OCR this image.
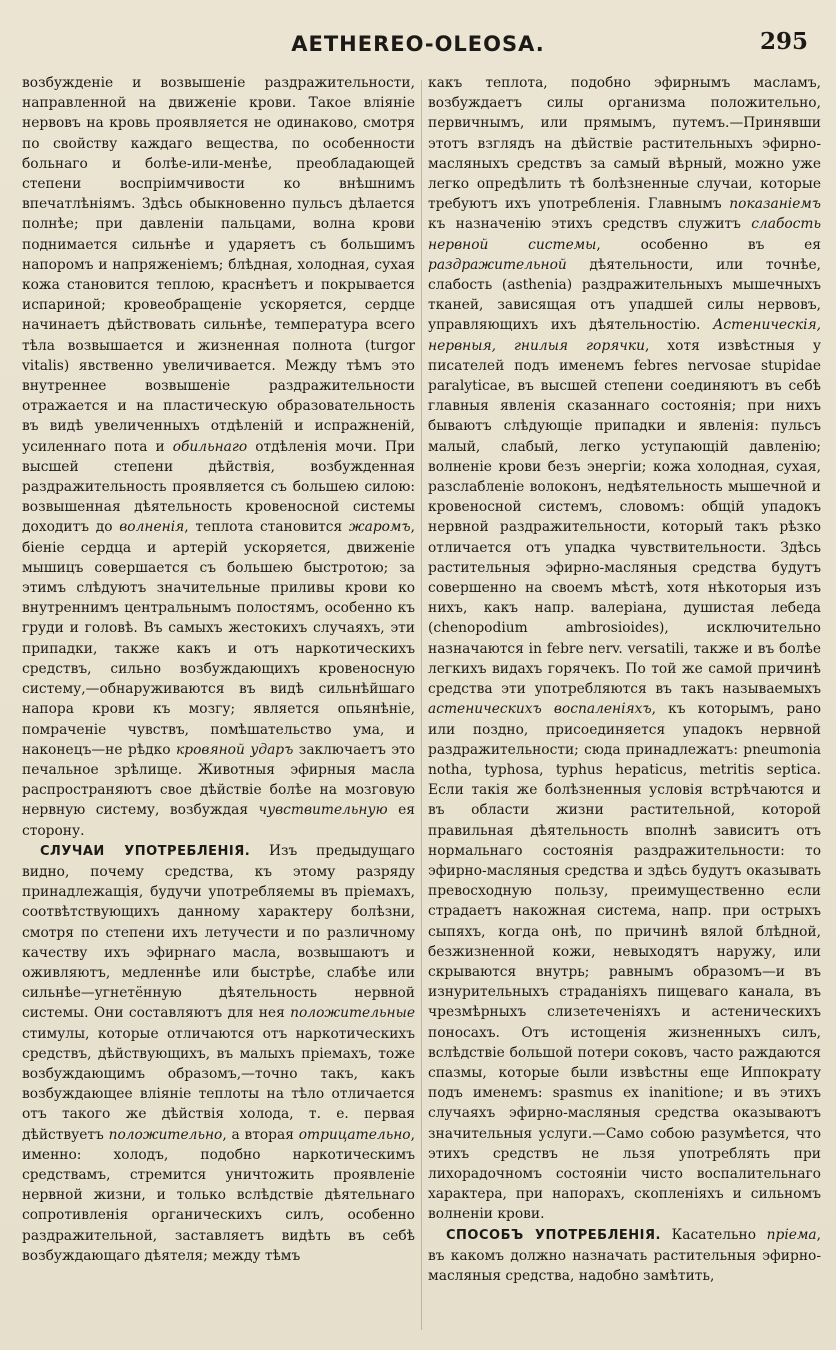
AETHEREO-OLEOSA.	295

возбужденіе и возвышеніе раздражительности, направленной на движеніе крови. Такое вліяніе нервовъ на кровь проявляется не одинаково, смотря по свойству каждаго вещества, по особенности больнаго и болѣе-или-менѣе, преобладающей степени воспріимчивости ко внѣшнимъ впечатлѣніямъ. Здѣсь обыкновенно пульсъ дѣлается полнѣе; при давленіи пальцами, волна крови поднимается сильнѣе и ударяетъ съ большимъ напоромъ и напряженіемъ; блѣдная, холодная, сухая кожа становится теплою, краснѣетъ и покрывается испариной; кровеобращеніе ускоряется, сердце начинаетъ дѣйствовать сильнѣе, температура всего тѣла возвышается и жизненная полнота (turgor vitalis) явственно увеличивается. Между тѣмъ это внутреннее возвышеніе раздражительности отражается и на пластическую образовательность въ видѣ увеличенныхъ отдѣленій и испражненій, усиленнаго пота и обильнаго отдѣленія мочи. При высшей степени дѣйствія, возбужденная раздражительность проявляется съ большею силою: возвышенная дѣятельность кровеносной системы доходитъ до волненія, теплота становится жаромъ, біеніе сердца и артерій ускоряется, движеніе мышицъ совершается съ большею быстротою; за этимъ слѣдуютъ значительные приливы крови ко внутреннимъ центральнымъ полостямъ, особенно къ груди и головѣ. Въ самыхъ жестокихъ случаяхъ, эти припадки, также какъ и отъ наркотическихъ средствъ, сильно возбуждающихъ кровеносную систему,—обнаруживаются въ видѣ сильнѣйшаго напора крови къ мозгу; является опьянѣніе, помраченіе чувствъ, помѣшательство ума, и наконецъ—не рѣдко кровяной ударъ заключаетъ это печальное зрѣлище. Животныя эфирныя масла распространяютъ свое дѣйствіе болѣе на мозговую нервную систему, возбуждая чувствительную ея сторону.

СЛУЧАИ УПОТРЕБЛЕНІЯ. Изъ предыдущаго видно, почему средства, къ этому разряду принадлежащія, будучи употребляемы въ пріемахъ, соотвѣтствующихъ данному характеру болѣзни, смотря по степени ихъ летучести и по различному качеству ихъ эфирнаго масла, возвышаютъ и оживляютъ, медленнѣе или быстрѣе, слабѣе или сильнѣе—угнетённую дѣятельность нервной системы. Они составляютъ для нея положительные стимулы, которые отличаются отъ наркотическихъ средствъ, дѣйствующихъ, въ малыхъ пріемахъ, тоже возбуждающимъ образомъ,—точно такъ, какъ возбуждающее вліяніе теплоты на тѣло отличается отъ такого же дѣйствія холода, т. е. первая дѣйствуетъ положительно, а вторая отрицательно, именно: холодъ, подобно наркотическимъ средствамъ, стремится уничтожить проявленіе нервной жизни, и только вслѣдствіе дѣятельнаго сопротивленія органическихъ силъ, особенно раздражительной, заставляетъ видѣть въ себѣ возбуждающаго дѣятеля; между тѣмъ

какъ теплота, подобно эфирнымъ масламъ, возбуждаетъ силы организма положительно, первичнымъ, или прямымъ, путемъ.—Принявши этотъ взглядъ на дѣйствіе растительныхъ эфирно-масляныхъ средствъ за самый вѣрный, можно уже легко опредѣлить тѣ болѣзненные случаи, которые требуютъ ихъ употребленія. Главнымъ показаніемъ къ назначенію этихъ средствъ служитъ слабость нервной системы, особенно въ ея раздражительной дѣятельности, или точнѣе, слабость (asthenia) раздражительныхъ мышечныхъ тканей, зависящая отъ упадшей силы нервовъ, управляющихъ ихъ дѣятельностію. Астеническія, нервныя, гнилыя горячки, хотя извѣстныя у писателей подъ именемъ febres nervosae stupidae paralyticae, въ высшей степени соединяютъ въ себѣ главныя явленія сказаннаго состоянія; при нихъ бываютъ слѣдующіе припадки и явленія: пульсъ малый, слабый, легко уступающій давленію; волненіе крови безъ энергіи; кожа холодная, сухая, разслабленіе волоконъ, недѣятельность мышечной и кровеносной системъ, словомъ: общій упадокъ нервной раздражительности, который такъ рѣзко отличается отъ упадка чувствительности. Здѣсь растительныя эфирно-масляныя средства будутъ совершенно на своемъ мѣстѣ, хотя нѣкоторыя изъ нихъ, какъ напр. валеріана, душистая лебеда (chenopodium ambrosioides), исключительно назначаются in febre nerv. versatili, также и въ болѣе легкихъ видахъ горячекъ. По той же самой причинѣ средства эти употребляются въ такъ называемыхъ астеническихъ воспаленіяхъ, къ которымъ, рано или поздно, присоединяется упадокъ нервной раздражительности; сюда принадлежатъ: pneumonia notha, typhosa, typhus hepaticus, metritis septica. Если такія же болѣзненныя условія встрѣчаются и въ области жизни растительной, которой правильная дѣятельность вполнѣ зависитъ отъ нормальнаго состоянія раздражительности: то эфирно-масляныя средства и здѣсь будутъ оказывать превосходную пользу, преимущественно если страдаетъ накожная система, напр. при острыхъ сыпяхъ, когда онѣ, по причинѣ вялой блѣдной, безжизненной кожи, невыходятъ наружу, или скрываются внутрь; равнымъ образомъ—и въ изнурительныхъ страданіяхъ пищеваго канала, въ чрезмѣрныхъ слизетеченіяхъ и астеническихъ поносахъ. Отъ истощенія жизненныхъ силъ, вслѣдствіе большой потери соковъ, часто раждаются спазмы, которые были извѣстны еще Иппократу подъ именемъ: spasmus ex inanitione; и въ этихъ случаяхъ эфирно-масляныя средства оказываютъ значительныя услуги.—Само собою разумѣется, что этихъ средствъ не льзя употреблять при лихорадочномъ состояніи чисто воспалительнаго характера, при напорахъ, скопленіяхъ и сильномъ волненіи крови.

СПОСОБЪ УПОТРЕБЛЕНІЯ. Касательно пріема, въ какомъ должно назначать растительныя эфирно-масляныя средства, надобно замѣтить,
